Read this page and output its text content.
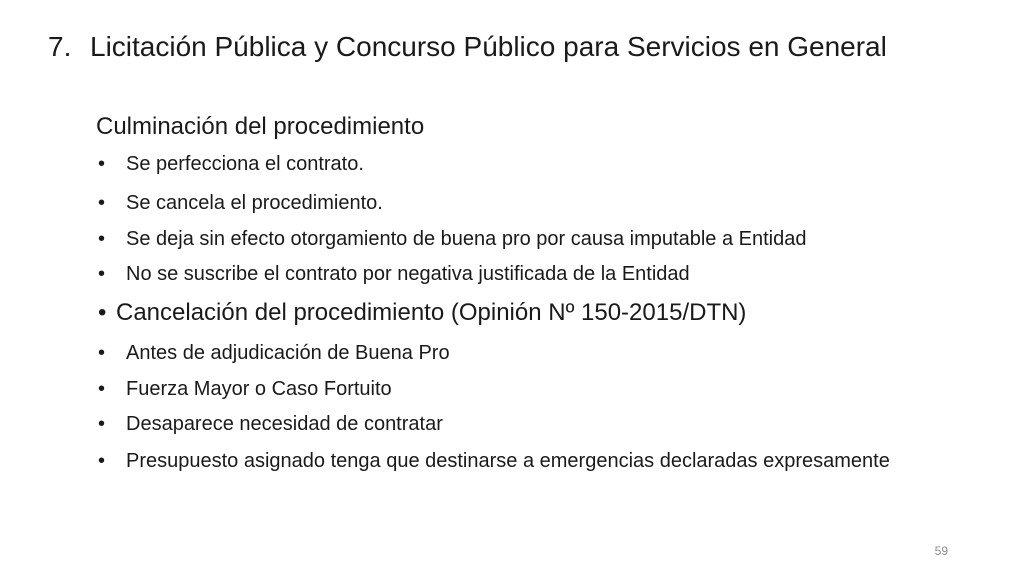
7. Licitación Pública y Concurso Público para Servicios en General
Culminación del procedimiento
• Se perfecciona el contrato.
• Se cancela el procedimiento.
• Se deja sin efecto otorgamiento de buena pro por causa imputable a Entidad
• No se suscribe el contrato por negativa justificada de la Entidad
• Cancelación del procedimiento (Opinión Nº 150-2015/DTN)
• Antes de adjudicación de Buena Pro
• Fuerza Mayor o Caso Fortuito
• Desaparece necesidad de contratar
• Presupuesto asignado tenga que destinarse a emergencias declaradas expresamente
59
